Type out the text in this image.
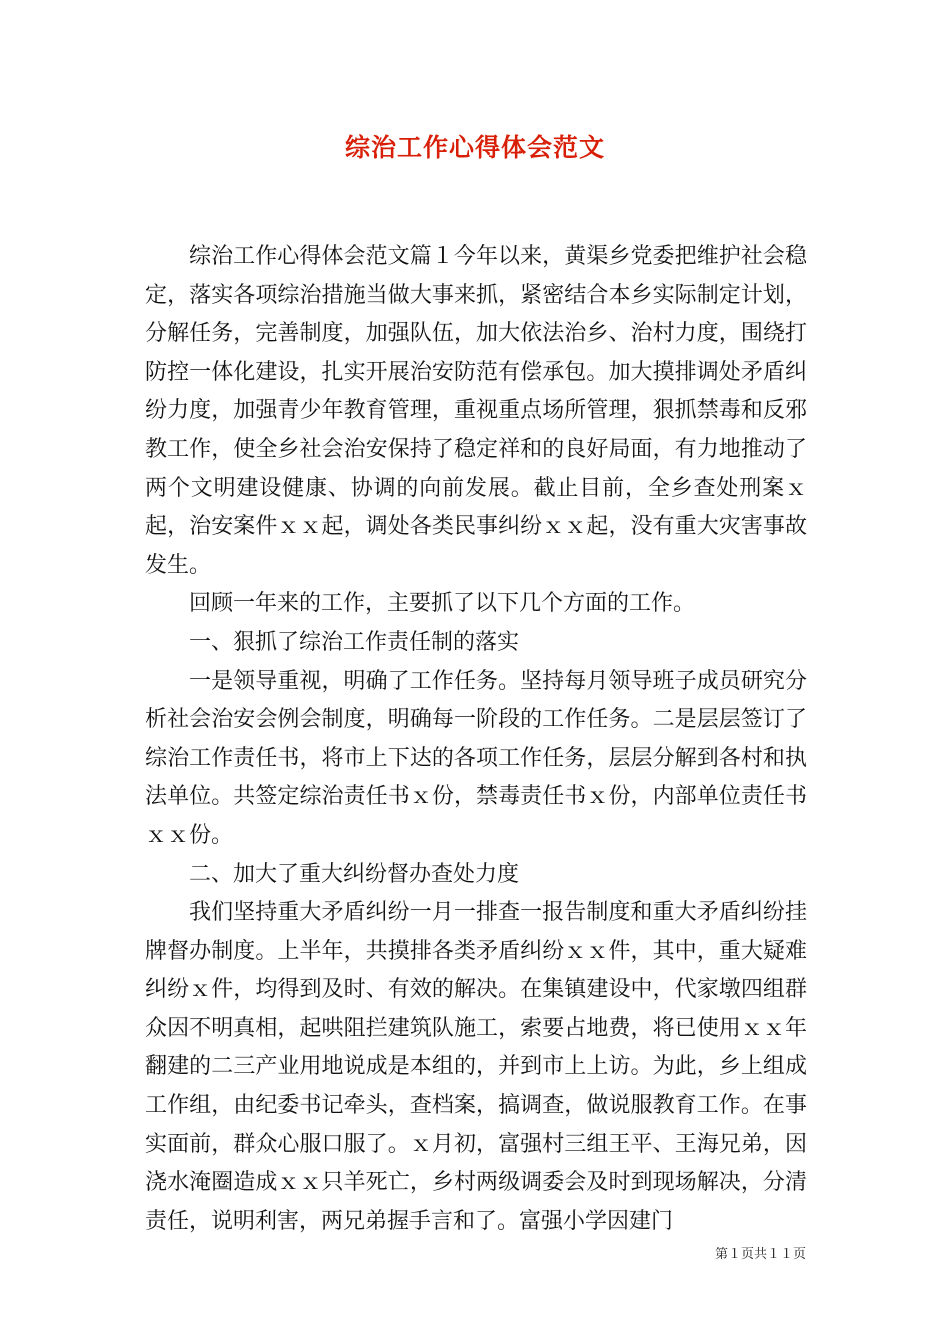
综治工作心得体会范文

综治工作心得体会范文篇１今年以来，黄渠乡党委把维护社会稳定，落实各项综治措施当做大事来抓，紧密结合本乡实际制定计划，分解任务，完善制度，加强队伍，加大依法治乡、治村力度，围绕打防控一体化建设，扎实开展治安防范有偿承包。加大摸排调处矛盾纠纷力度，加强青少年教育管理，重视重点场所管理，狠抓禁毒和反邪教工作，使全乡社会治安保持了稳定祥和的良好局面，有力地推动了两个文明建设健康、协调的向前发展。截止目前，全乡查处刑案ｘ起，治安案件ｘｘ起，调处各类民事纠纷ｘｘ起，没有重大灾害事故发生。

回顾一年来的工作，主要抓了以下几个方面的工作。

一、狠抓了综治工作责任制的落实

一是领导重视，明确了工作任务。坚持每月领导班子成员研究分析社会治安会例会制度，明确每一阶段的工作任务。二是层层签订了综治工作责任书，将市上下达的各项工作任务，层层分解到各村和执法单位。共签定综治责任书ｘ份，禁毒责任书ｘ份，内部单位责任书ｘｘ份。

二、加大了重大纠纷督办查处力度

我们坚持重大矛盾纠纷一月一排查一报告制度和重大矛盾纠纷挂牌督办制度。上半年，共摸排各类矛盾纠纷ｘｘ件，其中，重大疑难纠纷ｘ件，均得到及时、有效的解决。在集镇建设中，代家墩四组群众因不明真相，起哄阻拦建筑队施工，索要占地费，将已使用ｘｘ年翻建的二三产业用地说成是本组的，并到市上上访。为此，乡上组成工作组，由纪委书记牵头，查档案，搞调查，做说服教育工作。在事实面前，群众心服口服了。ｘ月初，富强村三组王平、王海兄弟，因浇水淹圈造成ｘｘ只羊死亡，乡村两级调委会及时到现场解决，分清责任，说明利害，两兄弟握手言和了。富强小学因建门

第１页共１１页
